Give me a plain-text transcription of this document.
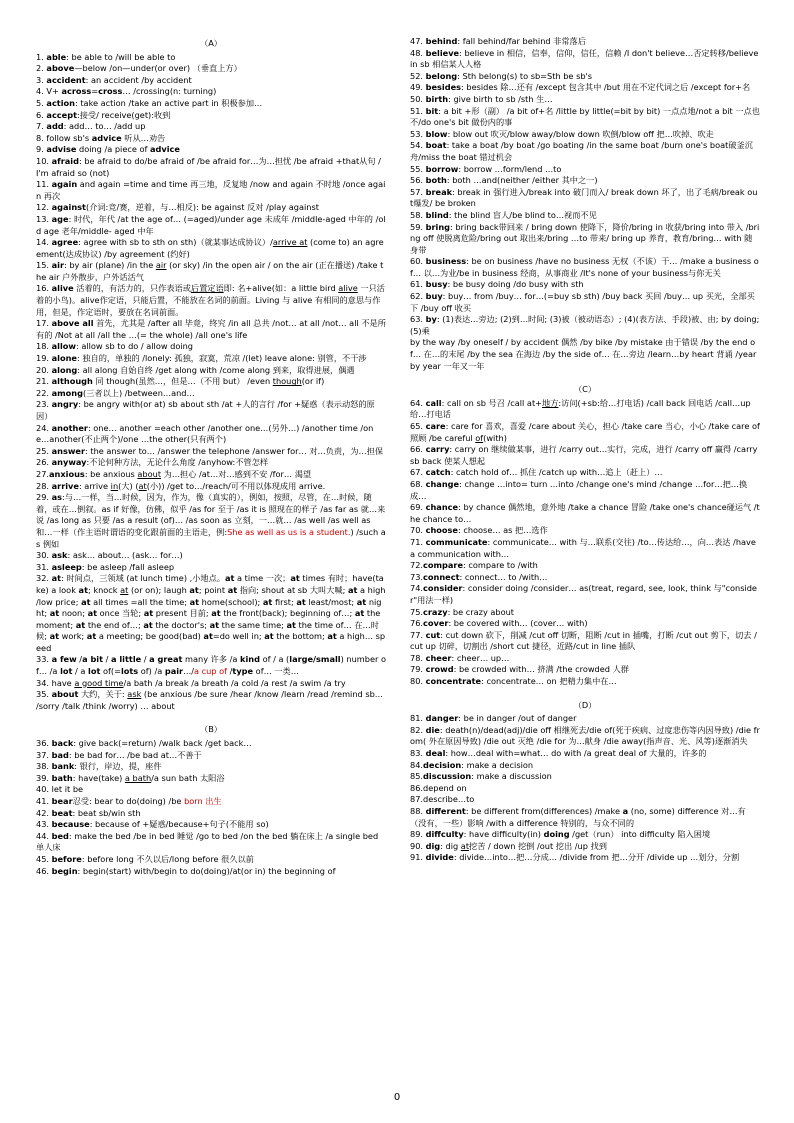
（A）
1. able: be able to /will be able to
2. above—below /on—under(or over) （垂直上方）
3. accident: an accident /by accident
4. V+ across=cross… /crossing(n: turning)
5. action: take action /take an active part in 积极参加…
6. accept:接受/ receive(get):收到
7. add: add… to… /add up
8. follow sb's advice 听从…劝告
9. advise doing /a piece of advice
10. afraid: be afraid to do/be afraid of /be afraid for…为…担忧 /be afraid +that从句 /I'm afraid so (not)
11. again and again =time and time 再三地，反复地 /now and again 不时地 /once again 再次
12. against(介词:竞/赛，逆着，与…相反): be against 反对 /play against
13. age: 时代，年代 /at the age of… (=aged)/under age 未成年 /middle-aged 中年的 /old age 老年/middle- aged 中年
14. agree: agree with sb to sth on sth)（就某事达成协议）/arrive at (come to) an agreement(达成协议) /by agreement (约好)
15. air: by air (plane) /in the air (or sky) /in the open air / on the air (正在播送) /take the air 户外散步，户外话活气
16. alive 活着的，有活力的，只作表语或后置定语即: 名+alive(如：a little bird alive 一只活着的小鸟)。alive作定语，只能后置，不能放在名词的前面。Living 与 alive 有相同的意思与作用，但是，作定语时，要放在名词前面。
17. above all 首先，尤其是 /after all 毕竟，终究 /in all 总共 /not… at all /not… all 不是所有的 /Not at all /all the …(= the whole) /all one's life
18. allow: allow sb to do / allow doing
19. alone: 独自的，单独的 /lonely: 孤独，寂寞，荒凉 /(let) leave alone: 别管，不干涉
20. along: all along 自始自终 /get along with /come along 到来，取得进展，偶遇
21. although 同 though(虽然…，但是…（不用 but） /even though(or if)
22. among(三者以上) /between…and…
23. angry: be angry with(or at) sb about sth /at +人的言行 /for +疑惑（表示动怒的原因）
24. another: one… another =each other /another one…(另外…) /another time /one…another(不止两个)/one …the other(只有两个)
25. answer: the answer to… /answer the telephone /answer for… 对…负责，为…担保
26. anyway:不论何种方法，无论什么角度 /anyhow:不管怎样
27.anxious: be anxious about 为…担心 /at…对…感到不安 /for… 渴望
28. arrive: arrive in(大) (at(小)) /get to…/reach/可不用以体现成用 arrive.
29. as:与…一样，当…时候，因为，作为，像（真实的），例如，按照，尽管，在…时候，随着，或在…倒叙。as if 好像，仿佛，似乎 /as for 至于 /as it is 照现在的样子 /as far as 就…来说 /as long as 只要 /as a result (of)… /as soon as 立刻，一…就… /as well /as well as 和…一样（作主语时谓语的变化跟前面的主语走，例:She as well as us is a student.) /such as 例如
30. ask: ask… about… (ask… for…)
31. asleep: be asleep /fall asleep
32. at: 时间点，三领域 (at lunch time) ,小地点。at a time 一次；at times 有时；have(take) a look at; knock at (or on); laugh at; point at 指向; shout at sb 大叫大喊; at a high /low price; at all times =all the time; at home(school); at first; at least/most; at night; at noon; at once 当轮; at present 目前; at the front(back); beginning of…; at the moment; at the end of…; at the doctor's; at the same time; at the time of… 在…时候; at work; at a meeting; be good(bad) at=do well in; at the bottom; at a high… speed
33. a few /a bit / a little / a great many 许多 /a kind of / a (large/small) number of… /a lot / a lot of(=lots of) /a pair…/a cup of /type of… 一类…
34. have a good time/a bath /a break /a breath /a cold /a rest /a swim /a try
35. about 大约，关于: ask (be anxious /be sure /hear /know /learn /read /remind sb… /sorry /talk /think /worry) … about
（B）
36. back: give back(=return) /walk back /get back…
37. bad: be bad for… /be bad at…不善于
38. bank: 银行，岸边，提，座件
39. bath: have(take) a bath/a sun bath 太阳浴
40. let it be
41. bear忍受: bear to do(doing) /be born 出生
42. beat: beat sb/win sth
43. because: because of +疑惑/because+句子(不能用 so)
44. bed: make the bed /be in bed 睡觉 /go to bed /on the bed 躺在床上 /a single bed 单人床
45. before: before long 不久以后/long before 很久以前
46. begin: begin(start) with/begin to do(doing)/at(or in) the beginning of
47. behind: fall behind/far behind 非常落后
48. believe: believe in 相信，信奉，信仰，信任，信赖 /I don't believe…否定转移/believe in sb 相信某人人格
52. belong: Sth belong(s) to sb=Sth be sb's
49. besides: besides 除…还有 /except 包含其中 /but 用在不定代词之后 /except for+名
50. birth: give birth to sb /sth 生…
51. bit: a bit +形（副） /a bit of+名 /little by little(=bit by bit) 一点点地/not a bit 一点也不/do one's bit 做份内的事
53. blow: blow out 吹灭/blow away/blow down 吹倒/blow off 把…吹掉、吹走
54. boat: take a boat /by boat /go boating /in the same boat /burn one's boat破釜沉舟/miss the boat 错过机会
55. borrow: borrow …form/lend …to
56. both: both …and(neither /either 其中之一)
57. break: break in 强行进入/break into 破门而入/ break down 坏了，出了毛病/break out爆发/ be broken
58. blind: the blind 盲人/be blind to…视而不见
59. bring: bring back带回来 / bring down 使降下，降价/bring in 收获/bring into 带入 /bring off 使脱离危险/bring out 取出来/bring …to 带来/ bring up 养育，教育/bring… with 随身带
60. business: be on business /have no business 无权（不该）干… /make a business of… 以…为业/be in business 经商，从事商业 /It's none of your business与你无关
61. busy: be busy doing /do busy with sth
62. buy: buy… from /buy… for…(=buy sb sth) /buy back 买回 /buy… up 买光，全部买下 /buy off 收买
63. by: (1)表达…旁边; (2)到…时间; (3)被（被动语态）; (4)(表方法、手段)被、由; by doing; (5)乘
by the way /by oneself / by accident 偶然 /by bike /by mistake 由于错误 /by the end of… 在…的末尾 /by the sea 在海边 /by the side of… 在…旁边 /learn…by heart 背诵 /year by year 一年又一年
（C）
64. call: call on sb 号召 /call at+地方:访问(+sb:给…打电话) /call back 回电话 /call…up 给…打电话
65. care: care for 喜欢，喜爱 /care about 关心，担心 /take care 当心，小心 /take care of 照顾 /be careful of(with)
66. carry: carry on 继续做某事，进行 /carry out…实行，完成，进行 /carry off 赢得 /carry sb back 使某人想起
67. catch: catch hold of… 抓住 /catch up with…追上（赶上）…
68. change: change …into= turn …into /change one's mind /change …for…把…换成…
69. chance: by chance 偶然地，意外地 /take a chance 冒险 /take one's chance碰运气 /the chance to…
70. choose: choose… as 把…选作
71. communicate: communicate… with 与…联系(交往) /to…传达给…，向…表达 /have a communication with…
72.compare: compare to /with
73.connect: connect… to /with…
74.consider: consider doing /consider… as(treat, regard, see, look, think 与"consider"用法一样)
75.crazy: be crazy about
76.cover: be covered with… (cover… with)
77. cut: cut down 砍下，削减 /cut off 切断，阻断 /cut in 插嘴，打断 /cut out 剪下，切去 /cut up 切碎，切割出 /short cut 捷径，近路/cut in line 插队
78. cheer: cheer… up…
79. crowd: be crowded with… 挤满 /the crowded 人群
80. concentrate: concentrate… on 把精力集中在…
（D）
81. danger: be in danger /out of danger
82. die: death(n)/dead(adj)/die off 相继死去/die of(死于疾病、过度悲伤等内因导致) /die from( 外在原因导致) /die out 灭绝 /die for 为…献身 /die away(指声音、光、风等)逐渐消失
83. deal: how…deal with=what… do with /a great deal of 大量的，许多的
84.decision: make a decision
85.discussion: make a discussion
86.depend on
87.describe…to
88. different: be different from(differences) /make a (no, some) difference 对…有（没有，一些）影响 /with a difference 特别的，与众不同的
89. diffculty: have difficulty(in) doing /get（run） into difficulty 陷入困境
90. dig: dig at挖苦 / down 挖倒 /out 挖出 /up 找到
91. divide: divide…into…把…分成… /divide from 把…分开 /divide up …划分，分割
0
